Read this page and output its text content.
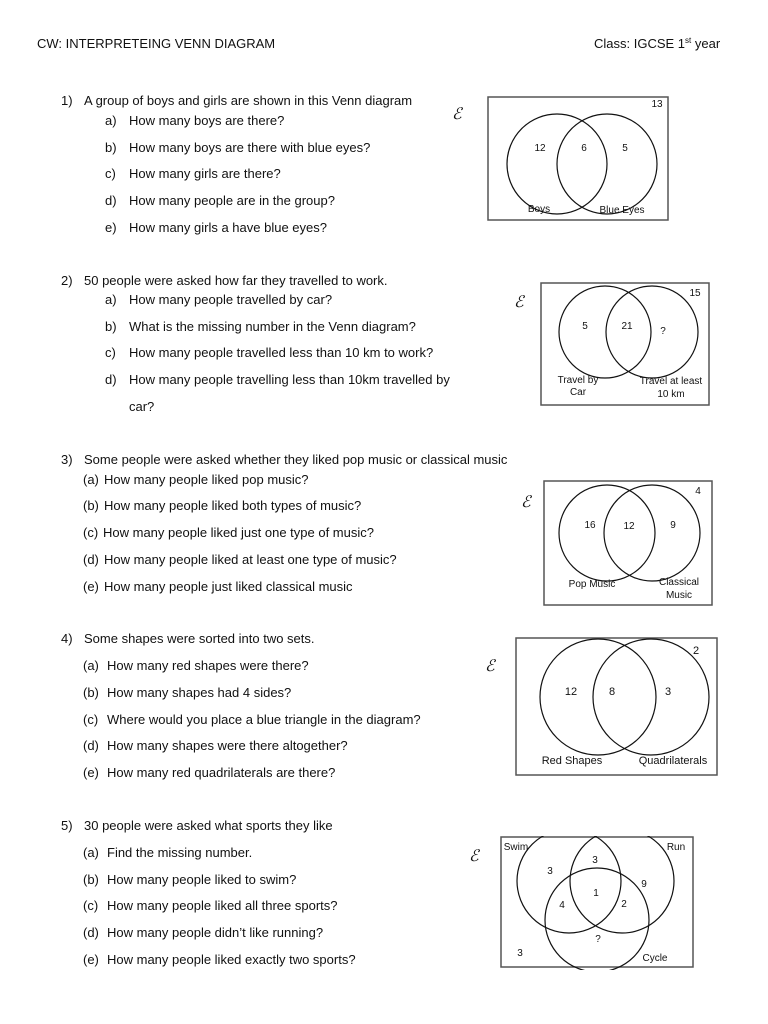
CW: INTERPRETEING VENN DIAGRAM	Class: IGCSE 1st year
1) A group of boys and girls are shown in this Venn diagram
a) How many boys are there?
b) How many boys are there with blue eyes?
c) How many girls are there?
d) How many people are in the group?
e) How many girls a have blue eyes?
ℰ
13
12	6	5
Boys	Blue Eyes
2) 50 people were asked how far they travelled to work.
a) How many people travelled by car?
b) What is the missing number in the Venn diagram?
c) How many people travelled less than 10 km to work?
d) How many people travelling less than 10km travelled by
car?
ℰ
15
5	21	?
Travel by
Car
Travel at least
10 km
3) Some people were asked whether they liked pop music or classical music
(a) How many people liked pop music?
(b) How many people liked both types of music?
(c) How many people liked just one type of music?
(d) How many people liked at least one type of music?
(e) How many people just liked classical music
ℰ
4
16	12	9
Pop Music	Classical
Music
4) Some shapes were sorted into two sets.
(a) How many red shapes were there?
(b) How many shapes had 4 sides?
(c) Where would you place a blue triangle in the diagram?
(d) How many shapes were there altogether?
(e) How many red quadrilaterals are there?
ℰ
2
12	8	3
Red Shapes	Quadrilaterals
5) 30 people were asked what sports they like
(a) Find the missing number.
(b) How many people liked to swim?
(c) How many people liked all three sports?
(d) How many people didn’t like running?
(e) How many people liked exactly two sports?
ℰ
Swim	Run
Cycle
3
3
9
1
4	2
?
3
